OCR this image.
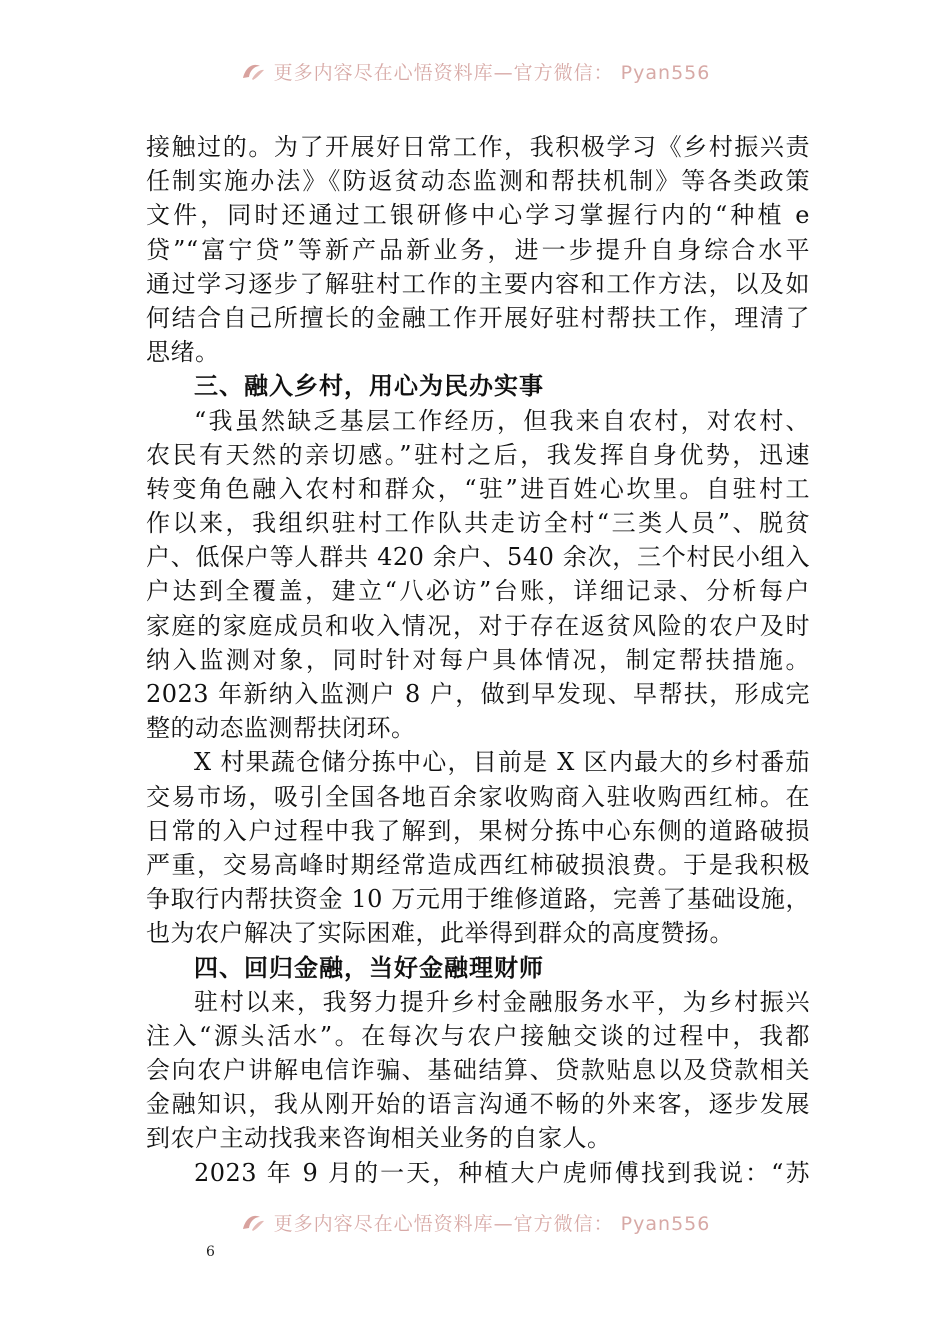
更多内容尽在心悟资料库—官方微信： Pyan556
接触过的。为了开展好日常工作，我积极学习《乡村振兴责
任制实施办法》《防返贫动态监测和帮扶机制》等各类政策
文件，同时还通过工银研修中心学习掌握行内的“种植 e
贷”“富宁贷”等新产品新业务，进一步提升自身综合水平
通过学习逐步了解驻村工作的主要内容和工作方法，以及如
何结合自己所擅长的金融工作开展好驻村帮扶工作，理清了
思绪。
三、融入乡村，用心为民办实事
“我虽然缺乏基层工作经历，但我来自农村，对农村、
农民有天然的亲切感。”驻村之后，我发挥自身优势，迅速
转变角色融入农村和群众，“驻”进百姓心坎里。自驻村工
作以来，我组织驻村工作队共走访全村“三类人员”、脱贫
户、低保户等人群共 420 余户、540 余次，三个村民小组入
户达到全覆盖，建立“八必访”台账，详细记录、分析每户
家庭的家庭成员和收入情况，对于存在返贫风险的农户及时
纳入监测对象，同时针对每户具体情况，制定帮扶措施。
2023 年新纳入监测户 8 户，做到早发现、早帮扶，形成完
整的动态监测帮扶闭环。
X 村果蔬仓储分拣中心，目前是 X 区内最大的乡村番茄
交易市场，吸引全国各地百余家收购商入驻收购西红柿。在
日常的入户过程中我了解到，果树分拣中心东侧的道路破损
严重，交易高峰时期经常造成西红柿破损浪费。于是我积极
争取行内帮扶资金 10 万元用于维修道路，完善了基础设施，
也为农户解决了实际困难，此举得到群众的高度赞扬。
四、回归金融，当好金融理财师
驻村以来，我努力提升乡村金融服务水平，为乡村振兴
注入“源头活水”。在每次与农户接触交谈的过程中，我都
会向农户讲解电信诈骗、基础结算、贷款贴息以及贷款相关
金融知识，我从刚开始的语言沟通不畅的外来客，逐步发展
到农户主动找我来咨询相关业务的自家人。
2023 年 9 月的一天，种植大户虎师傅找到我说：“苏
更多内容尽在心悟资料库—官方微信： Pyan556
6
